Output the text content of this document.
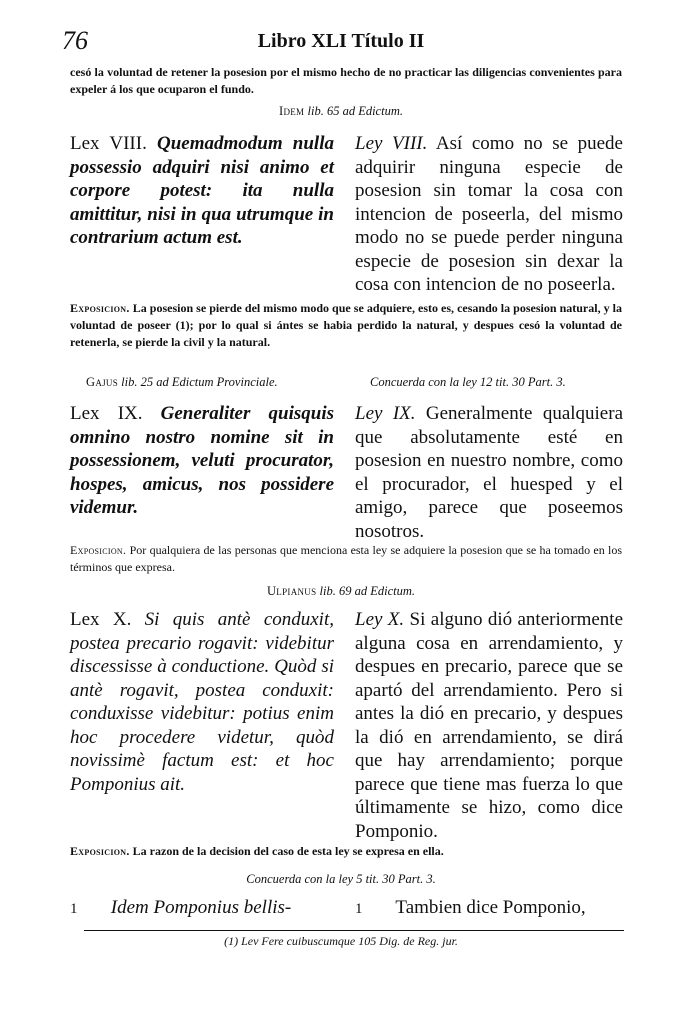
76	Libro XLI Título II
cesó la voluntad de retener la posesion por el mismo hecho de no practicar las diligencias convenientes para expeler á los que ocuparon el fundo.
Idem lib. 65 ad Edictum.
Lex VIII. Quemadmodum nulla possessio adquiri nisi animo et corpore potest: ita nulla amittitur, nisi in qua utrumque in contrarium actum est.
Ley VIII. Así como no se puede adquirir ninguna especie de posesion sin tomar la cosa con intencion de poseerla, del mismo modo no se puede perder ninguna especie de posesion sin dexar la cosa con intencion de no poseerla.
Exposicion. La posesion se pierde del mismo modo que se adquiere, esto es, cesando la posesion natural, y la voluntad de poseer (1); por lo qual si ántes se habia perdido la natural, y despues cesó la voluntad de retenerla, se pierde la civil y la natural.
Gajus lib. 25 ad Edictum Provinciale.	Concuerda con la ley 12 tit. 30 Part. 3.
Lex IX. Generaliter quisquis omnino nostro nomine sit in possessionem, veluti procurator, hospes, amicus, nos possidere videmur.
Ley IX. Generalmente qualquiera que absolutamente esté en posesion en nuestro nombre, como el procurador, el huesped y el amigo, parece que poseemos nosotros.
Exposicion. Por qualquiera de las personas que menciona esta ley se adquiere la posesion que se ha tomado en los términos que expresa.
Ulpianus lib. 69 ad Edictum.
Lex X. Si quis antè conduxit, postea precario rogavit: videbitur discessisse à conductione. Quòd si antè rogavit, postea conduxit: conduxisse videbitur: potius enim hoc procedere videtur, quòd novissimè factum est: et hoc Pomponius ait.
Ley X. Si alguno dió anteriormente alguna cosa en arrendamiento, y despues en precario, parece que se apartó del arrendamiento. Pero si antes la dió en precario, y despues la dió en arrendamiento, se dirá que hay arrendamiento; porque parece que tiene mas fuerza lo que últimamente se hizo, como dice Pomponio.
Exposicion. La razon de la decision del caso de esta ley se expresa en ella.
Concuerda con la ley 5 tit. 30 Part. 3.
1 Idem Pomponius bellis-	1 Tambien dice Pomponio,
(1) Lev Fere cuibuscumque 105 Dig. de Reg. jur.
